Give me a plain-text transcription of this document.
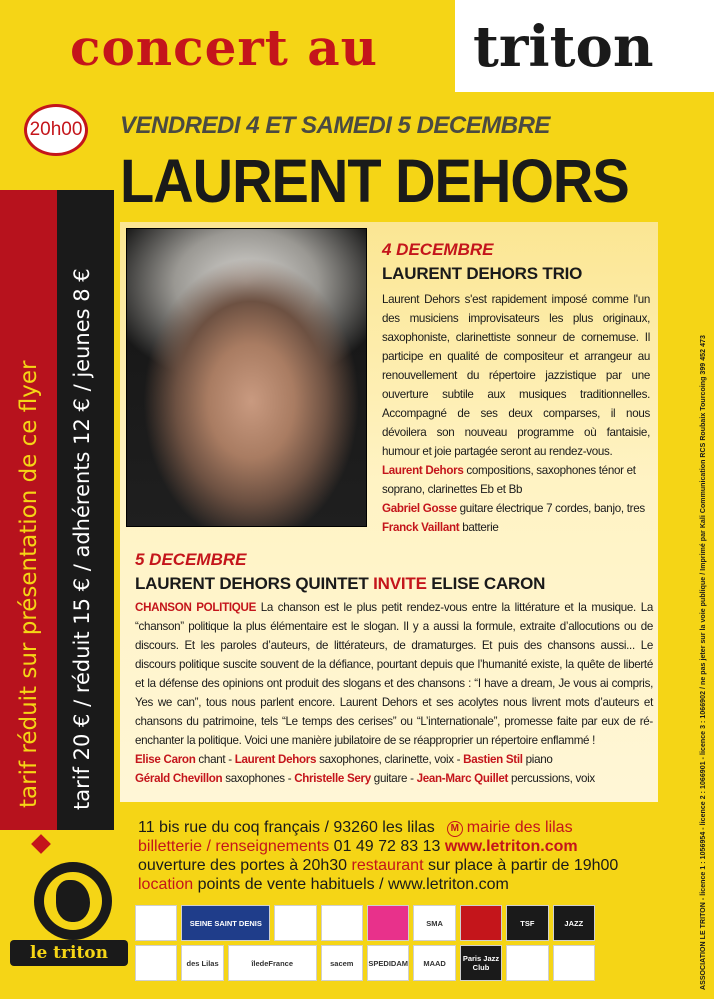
concert au triton
tarif réduit sur présentation de ce flyer tarif 20 € / réduit 15 € / adhérents 12 € / jeunes 8 €
20h00 VENDREDI 4 ET SAMEDI 5 DECEMBRE
LAURENT DEHORS
4 DECEMBRE
LAURENT DEHORS TRIO
Laurent Dehors s'est rapidement imposé comme l'un des musiciens improvisateurs les plus originaux, saxophoniste, clarinettiste sonneur de cornemuse. Il participe en qualité de compositeur et arrangeur au renouvellement du répertoire jazzistique par une ouverture subtile aux musiques traditionnelles. Accompagné de ses deux comparses, il nous dévoilera son nouveau programme où fantaisie, humour et joie partagée seront au rendez-vous.
Laurent Dehors compositions, saxophones ténor et soprano, clarinettes Eb et Bb
Gabriel Gosse guitare électrique 7 cordes, banjo, tres
Franck Vaillant batterie
5 DECEMBRE
LAURENT DEHORS QUINTET INVITE ELISE CARON
CHANSON POLITIQUE La chanson est le plus petit rendez-vous entre la littérature et la musique. La “chanson” politique la plus élémentaire est le slogan. Il y a aussi la formule, extraite d’allocutions ou de discours. Et les paroles d’auteurs, de littérateurs, de dramaturges. Et puis des chansons aussi... Le discours politique suscite souvent de la défiance, pourtant depuis que l’humanité existe, la quête de liberté et la défense des opinions ont produit des slogans et des chansons : “I have a dream, Je vous ai compris, Yes we can”, tous nous parlent encore. Laurent Dehors et ses acolytes nous livrent mots d’auteurs et chansons du patrimoine, tels “Le temps des cerises” ou “L’internationale”, promesse faite par eux de ré-enchanter la politique. Voici une manière jubilatoire de se réapproprier un répertoire enflammé !
Elise Caron chant - Laurent Dehors saxophones, clarinette, voix - Bastien Stil piano
Gérald Chevillon saxophones - Christelle Sery guitare - Jean-Marc Quillet percussions, voix
11 bis rue du coq français / 93260 les lilas M mairie des lilas
billetterie / renseignements 01 49 72 83 13 www.letriton.com
ouverture des portes à 20h30 restaurant sur place à partir de 19h00
location points de vente habituels / www.letriton.com
le triton
SEINE SAINT DENIS	SMA	TSF	JAZZ
des Lilas	îledeFrance	sacem	SPEDIDAM	MAAD	Paris Jazz Club	ASSOCIATION LE TRITON - licence 1 : 1056954 - licence 2 : 1066901 - licence 3 : 1066902 / ne pas jeter sur la voie publique / Imprimé par Kali Communication RCS Roubaix Tourcoing 399 452 473
